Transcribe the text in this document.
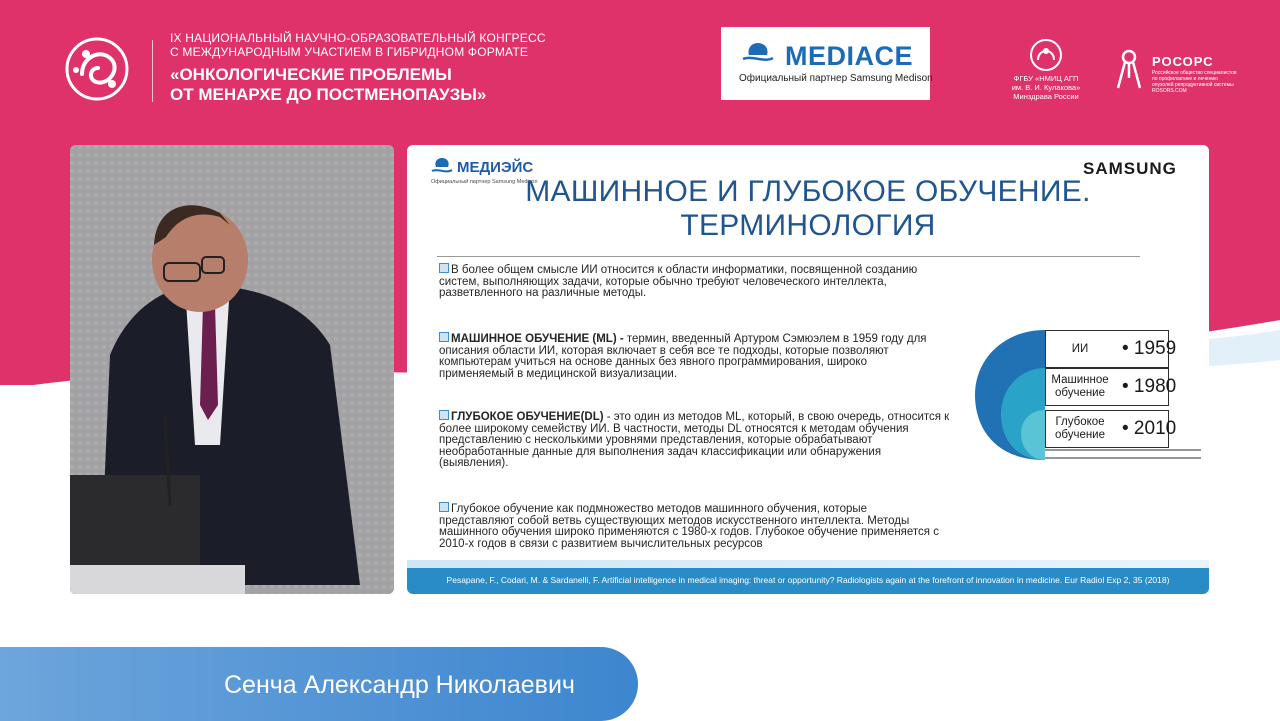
IX НАЦИОНАЛЬНЫЙ НАУЧНО-ОБРАЗОВАТЕЛЬНЫЙ КОНГРЕСС

С МЕЖДУНАРОДНЫМ УЧАСТИЕМ В ГИБРИДНОМ ФОРМАТЕ

«ОНКОЛОГИЧЕСКИЕ ПРОБЛЕМЫ

ОТ МЕНАРХЕ ДО ПОСТМЕНОПАУЗЫ»

MEDIACE
Официальный партнер Samsung Medison	ФГБУ «НМИЦ АГП

им. В. И. Кулакова»

Минздрава России

РОСОРС
Российское общество специалистов
по профилактике и лечению
опухолей репродуктивной системы
ROSORS.COM
МЕДИЭЙС
Официальный партнер Samsung Medison
SAMSUNG
МАШИННОЕ И ГЛУБОКОЕ ОБУЧЕНИЕ.
ТЕРМИНОЛОГИЯ
В более общем смысле ИИ относится к области информатики, посвященной созданию
систем, выполняющих задачи, которые обычно требуют человеческого интеллекта,
разветвленного на различные методы.
МАШИННОЕ ОБУЧЕНИЕ (ML) - термин, введенный Артуром Сэмюэлем в 1959 году для
описания области ИИ, которая включает в себя все те подходы, которые позволяют
компьютерам учиться на основе данных без явного программирования, широко
применяемый в медицинской визуализации.
ГЛУБОКОЕ ОБУЧЕНИЕ(DL) - это один из методов ML, который, в свою очередь, относится к
более широкому семейству ИИ. В частности, методы DL относятся к методам обучения
представлению с несколькими уровнями представления, которые обрабатывают
необработанные данные для выполнения задач классификации или обнаружения
(выявления).
Глубокое обучение как подмножество методов машинного обучения, которые
представляют собой ветвь существующих методов искусственного интеллекта. Методы
машинного обучения широко применяются с 1980-х годов. Глубокое обучение применяется с
2010-х годов в связи с развитием вычислительных ресурсов
ИИ	• 1959
Машинное
обучение • 1980
Глубокое
обучение • 2010
Pesapane, F., Codari, M. & Sardanelli, F. Artificial intelligence in medical imaging: threat or opportunity? Radiologists again at the forefront of innovation in medicine. Eur Radiol Exp 2, 35 (2018)
Сенча Александр Николаевич
